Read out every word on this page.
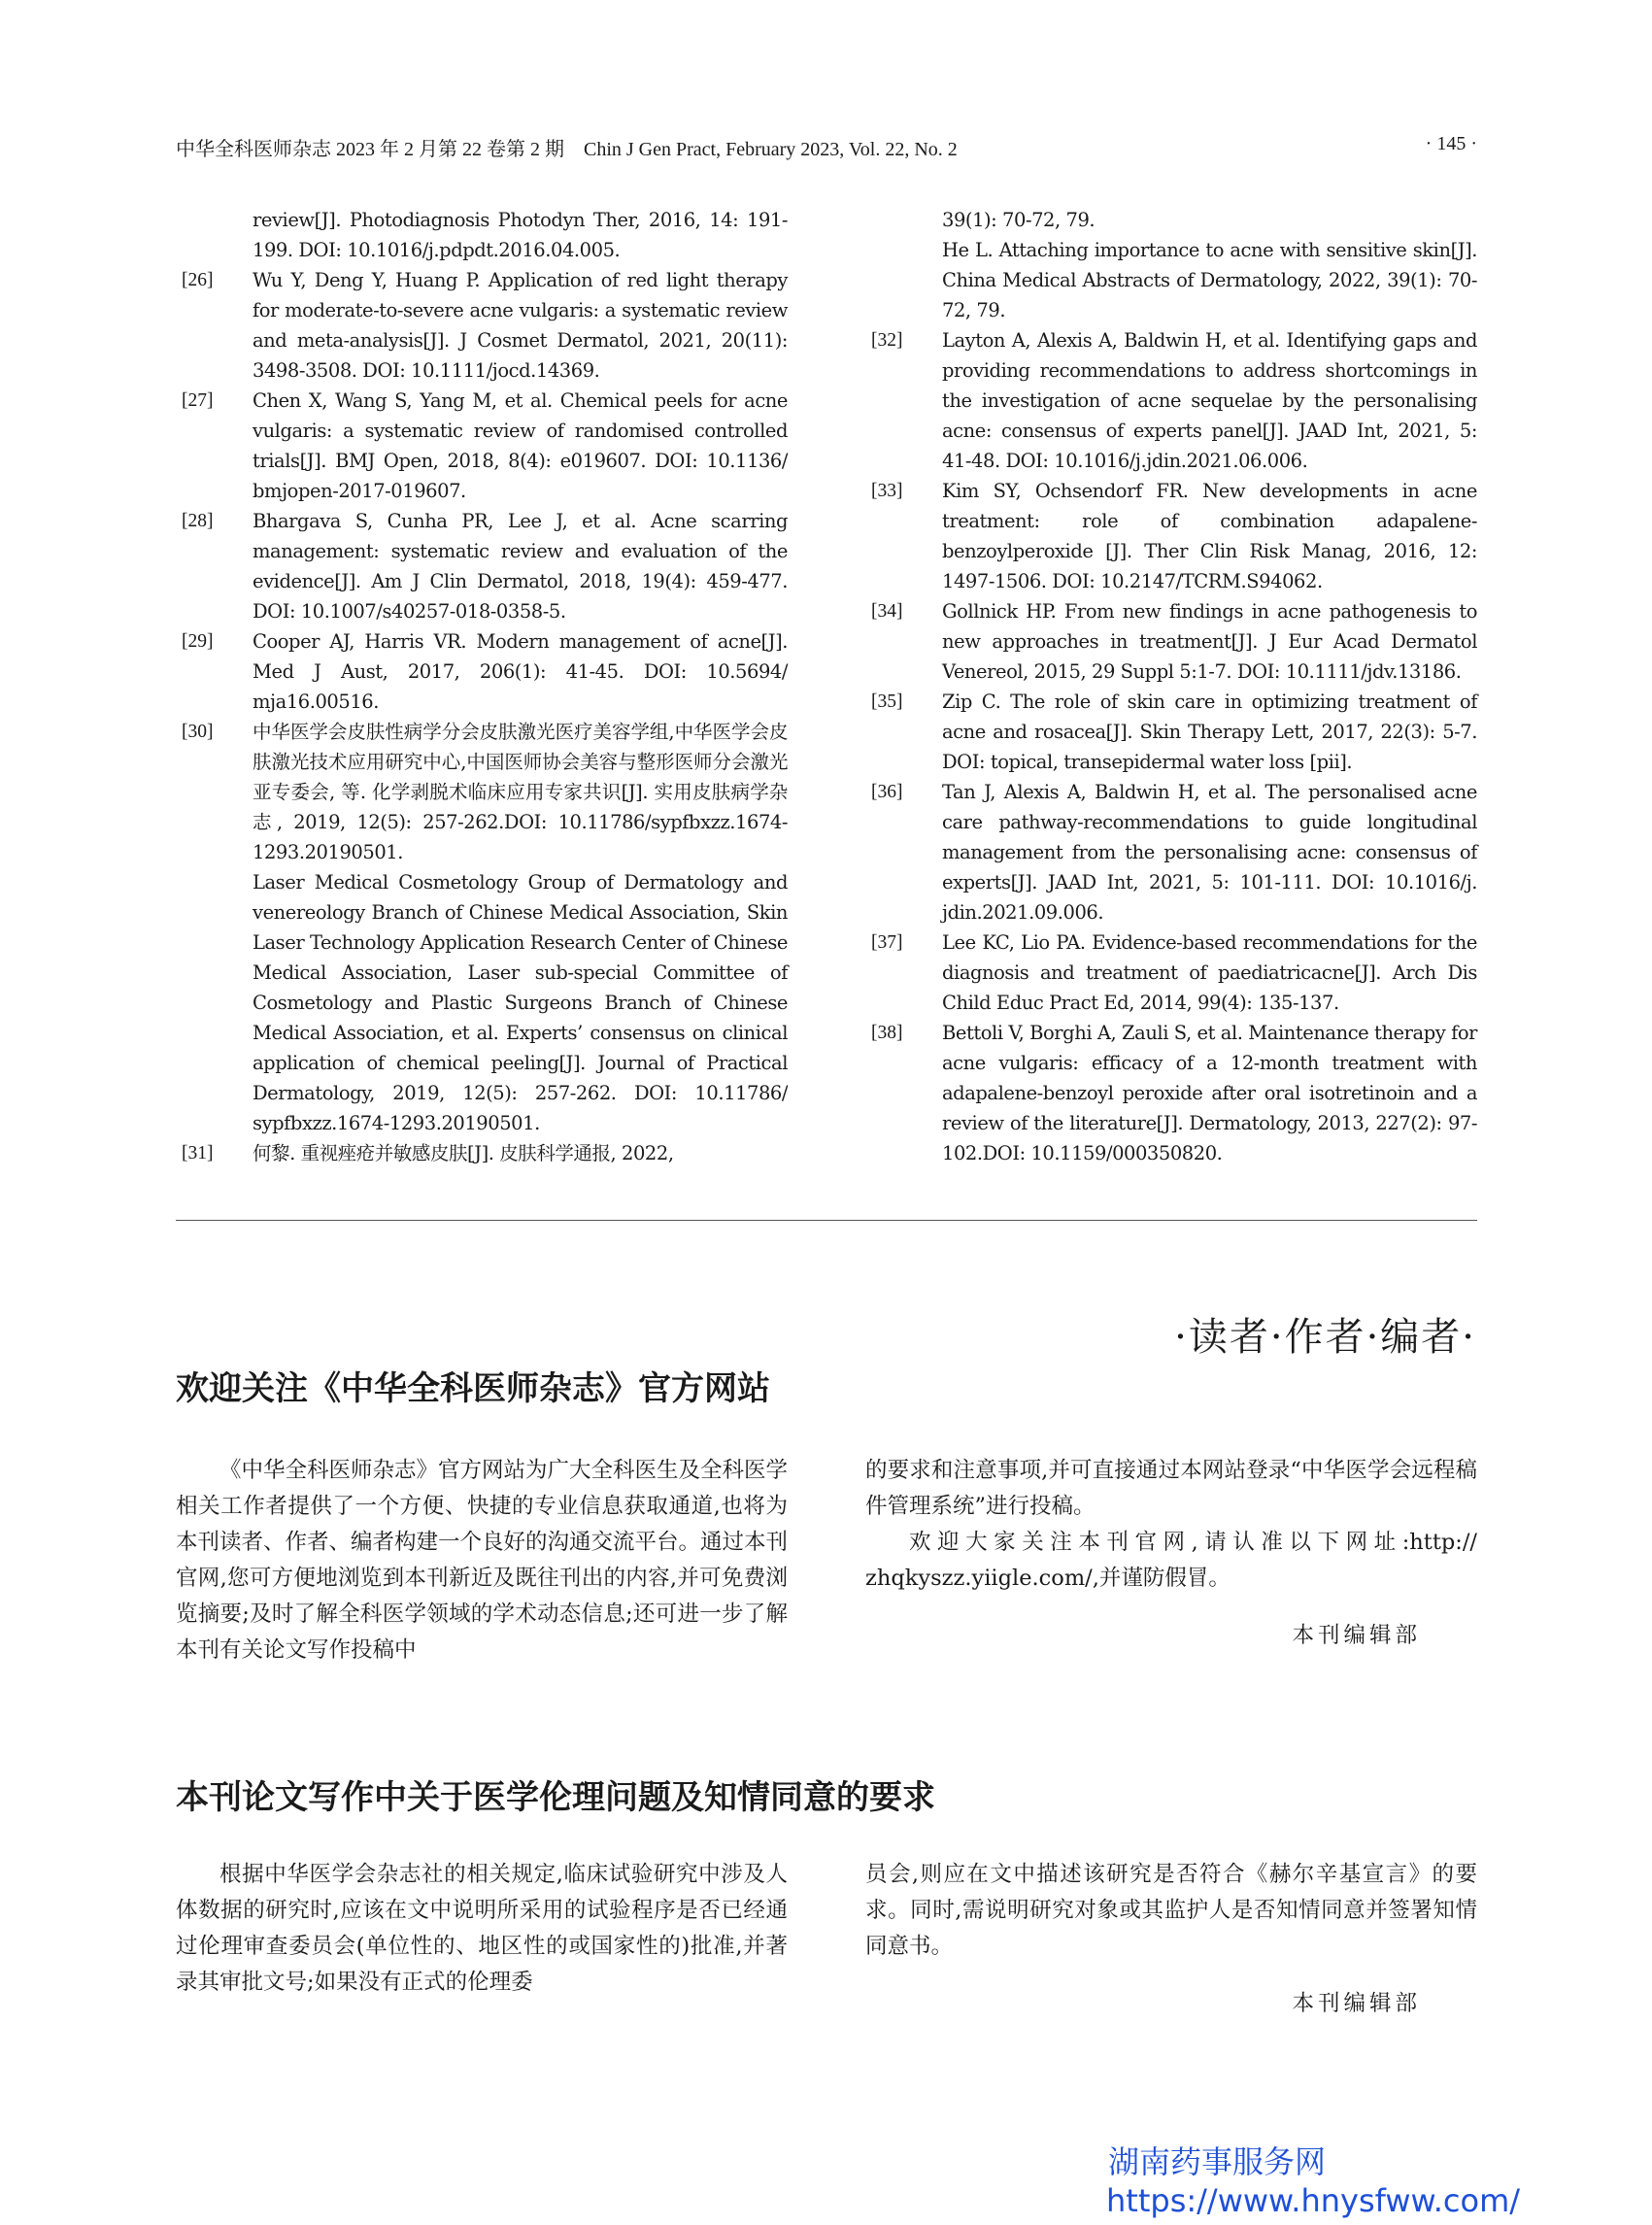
中华全科医师杂志 2023 年 2 月第 22 卷第 2 期　Chin J Gen Pract, February 2023, Vol. 22, No. 2	· 145 ·
review[J]. Photodiagnosis Photodyn Ther, 2016, 14: 191-199. DOI: 10.1016/j.pdpdt.2016.04.005.
[26] Wu Y, Deng Y, Huang P. Application of red light therapy for moderate-to-severe acne vulgaris: a systematic review and meta-analysis[J]. J Cosmet Dermatol, 2021, 20(11): 3498-3508. DOI: 10.1111/jocd.14369.
[27] Chen X, Wang S, Yang M, et al. Chemical peels for acne vulgaris: a systematic review of randomised controlled trials[J]. BMJ Open, 2018, 8(4): e019607. DOI: 10.1136/ bmjopen-2017-019607.
[28] Bhargava S, Cunha PR, Lee J, et al. Acne scarring management: systematic review and evaluation of the evidence[J]. Am J Clin Dermatol, 2018, 19(4): 459-477. DOI: 10.1007/s40257-018-0358-5.
[29] Cooper AJ, Harris VR. Modern management of acne[J]. Med J Aust, 2017, 206(1): 41-45. DOI: 10.5694/ mja16.00516.
[30] 中华医学会皮肤性病学分会皮肤激光医疗美容学组,中华医学会皮肤激光技术应用研究中心,中国医师协会美容与整形医师分会激光亚专委会, 等. 化学剥脱术临床应用专家共识[J]. 实用皮肤病学杂志, 2019, 12(5): 257-262.DOI: 10.11786/sypfbxzz.1674-1293.20190501.
Laser Medical Cosmetology Group of Dermatology and venereology Branch of Chinese Medical Association, Skin Laser Technology Application Research Center of Chinese Medical Association, Laser sub-special Committee of Cosmetology and Plastic Surgeons Branch of Chinese Medical Association, et al. Experts’ consensus on clinical application of chemical peeling[J]. Journal of Practical Dermatology, 2019, 12(5): 257-262. DOI: 10.11786/ sypfbxzz.1674-1293.20190501.
[31] 何黎. 重视痤疮并敏感皮肤[J]. 皮肤科学通报, 2022,
39(1): 70-72, 79.
He L. Attaching importance to acne with sensitive skin[J]. China Medical Abstracts of Dermatology, 2022, 39(1): 70-72, 79.
[32] Layton A, Alexis A, Baldwin H, et al. Identifying gaps and providing recommendations to address shortcomings in the investigation of acne sequelae by the personalising acne: consensus of experts panel[J]. JAAD Int, 2021, 5: 41-48. DOI: 10.1016/j.jdin.2021.06.006.
[33] Kim SY, Ochsendorf FR. New developments in acne treatment: role of combination adapalene-benzoylperoxide [J]. Ther Clin Risk Manag, 2016, 12: 1497-1506. DOI: 10.2147/TCRM.S94062.
[34] Gollnick HP. From new findings in acne pathogenesis to new approaches in treatment[J]. J Eur Acad Dermatol Venereol, 2015, 29 Suppl 5:1-7. DOI: 10.1111/jdv.13186.
[35] Zip C. The role of skin care in optimizing treatment of acne and rosacea[J]. Skin Therapy Lett, 2017, 22(3): 5-7. DOI: topical, transepidermal water loss [pii].
[36] Tan J, Alexis A, Baldwin H, et al. The personalised acne care pathway-recommendations to guide longitudinal management from the personalising acne: consensus of experts[J]. JAAD Int, 2021, 5: 101-111. DOI: 10.1016/j. jdin.2021.09.006.
[37] Lee KC, Lio PA. Evidence-based recommendations for the diagnosis and treatment of paediatricacne[J]. Arch Dis Child Educ Pract Ed, 2014, 99(4): 135-137.
[38] Bettoli V, Borghi A, Zauli S, et al. Maintenance therapy for acne vulgaris: efficacy of a 12-month treatment with adapalene-benzoyl peroxide after oral isotretinoin and a review of the literature[J]. Dermatology, 2013, 227(2): 97-102.DOI: 10.1159/000350820.
·读者·作者·编者·
欢迎关注《中华全科医师杂志》官方网站

《中华全科医师杂志》官方网站为广大全科医生及全科医学相关工作者提供了一个方便、快捷的专业信息获取通道,也将为本刊读者、作者、编者构建一个良好的沟通交流平台。通过本刊官网,您可方便地浏览到本刊新近及既往刊出的内容,并可免费浏览摘要;及时了解全科医学领域的学术动态信息;还可进一步了解本刊有关论文写作投稿中

的要求和注意事项,并可直接通过本网站登录“中华医学会远程稿件管理系统”进行投稿。

欢迎大家关注本刊官网,请认准以下网址:http:// zhqkyszz.yiigle.com/,并谨防假冒。

本刊编辑部

本刊论文写作中关于医学伦理问题及知情同意的要求

根据中华医学会杂志社的相关规定,临床试验研究中涉及人体数据的研究时,应该在文中说明所采用的试验程序是否已经通过伦理审查委员会(单位性的、地区性的或国家性的)批准,并著录其审批文号;如果没有正式的伦理委

员会,则应在文中描述该研究是否符合《赫尔辛基宣言》的要求。同时,需说明研究对象或其监护人是否知情同意并签署知情同意书。

本刊编辑部

湖南药事服务网
https://www.hnysfww.com/
